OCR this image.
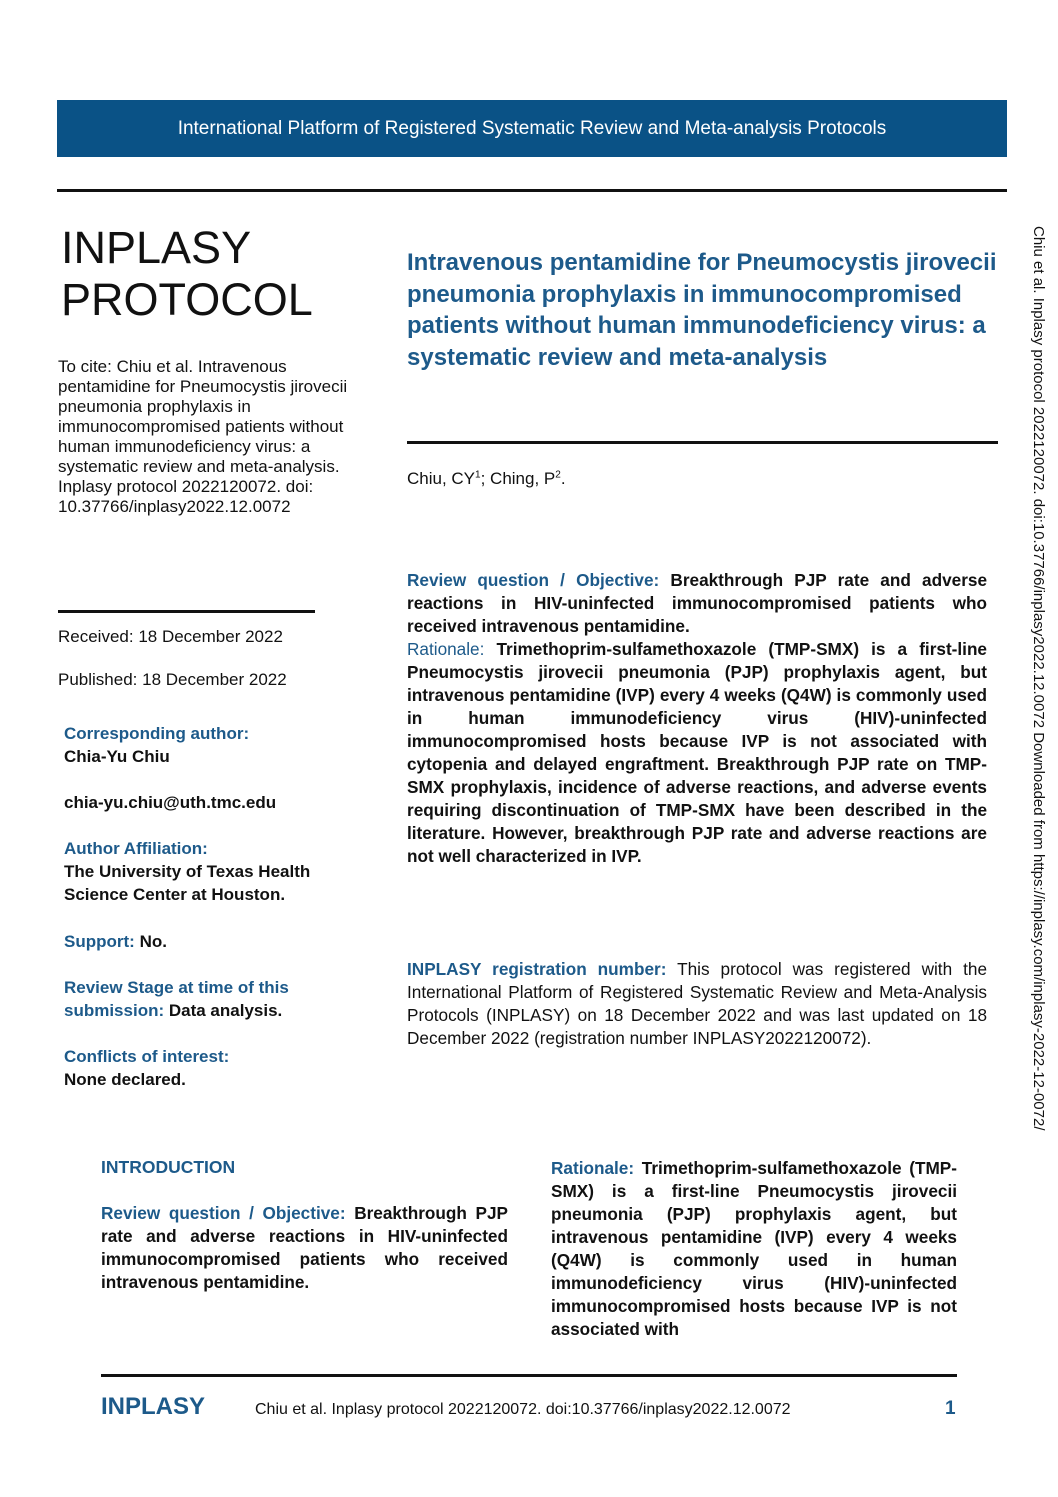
International Platform of Registered Systematic Review and Meta-analysis Protocols
INPLASY
PROTOCOL
To cite: Chiu et al. Intravenous pentamidine for Pneumocystis jirovecii pneumonia prophylaxis in immunocompromised patients without human immunodeficiency virus: a systematic review and meta-analysis. Inplasy protocol 2022120072. doi: 10.37766/inplasy2022.12.0072
Received: 18 December 2022
Published: 18 December 2022
Corresponding author:
Chia-Yu Chiu
chia-yu.chiu@uth.tmc.edu
Author Affiliation:
The University of Texas Health Science Center at Houston.
Support: No.
Review Stage at time of this submission: Data analysis.
Conflicts of interest:
None declared.
Intravenous pentamidine for Pneumocystis jirovecii pneumonia prophylaxis in immunocompromised patients without human immunodeficiency virus: a systematic review and meta-analysis
Chiu, $CY^1$; Ching, $P^2$.
Review question / Objective: Breakthrough PJP rate and adverse reactions in HIV-uninfected immunocompromised patients who received intravenous pentamidine.
Rationale: Trimethoprim-sulfamethoxazole (TMP-SMX) is a first-line Pneumocystis jirovecii pneumonia (PJP) prophylaxis agent, but intravenous pentamidine (IVP) every 4 weeks (Q4W) is commonly used in human immunodeficiency virus (HIV)-uninfected immunocompromised hosts because IVP is not associated with cytopenia and delayed engraftment. Breakthrough PJP rate on TMP-SMX prophylaxis, incidence of adverse reactions, and adverse events requiring discontinuation of TMP-SMX have been described in the literature. However, breakthrough PJP rate and adverse reactions are not well characterized in IVP.
INPLASY registration number: This protocol was registered with the International Platform of Registered Systematic Review and Meta-Analysis Protocols (INPLASY) on 18 December 2022 and was last updated on 18 December 2022 (registration number INPLASY2022120072).	Chiu et al. Inplasy protocol 2022120072. doi:10.37766/inplasy2022.12.0072 Downloaded from https://inplasy.com/inplasy-2022-12-0072/
INTRODUCTION
Review question / Objective: Breakthrough PJP rate and adverse reactions in HIV-uninfected immunocompromised patients who received intravenous pentamidine.
Rationale: Trimethoprim-sulfamethoxazole (TMP-SMX) is a first-line Pneumocystis jirovecii pneumonia (PJP) prophylaxis agent, but intravenous pentamidine (IVP) every 4 weeks (Q4W) is commonly used in human immunodeficiency virus (HIV)-uninfected immunocompromised hosts because IVP is not associated with
INPLASY	Chiu et al. Inplasy protocol 2022120072. doi:10.37766/inplasy2022.12.0072	1
